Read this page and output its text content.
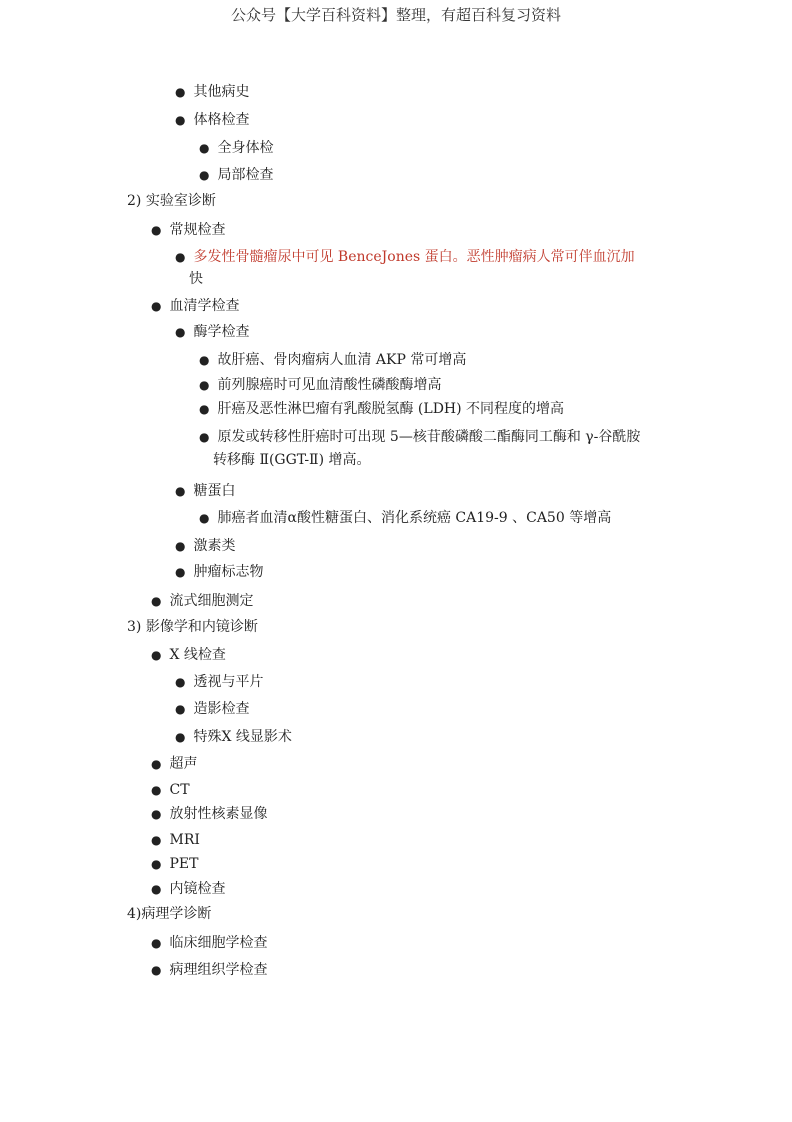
公众号【大学百科资料】整理，有超百科复习资料
● 其他病史
● 体格检查
● 全身体检
● 局部检查
2) 实验室诊断
● 常规检查
● 多发性骨髓瘤尿中可见 BenceJones 蛋白。恶性肿瘤病人常可伴血沉加
快
● 血清学检查
● 酶学检查
● 故肝癌、骨肉瘤病人血清 AKP 常可增高
● 前列腺癌时可见血清酸性磷酸酶增高
● 肝癌及恶性淋巴瘤有乳酸脱氢酶 (LDH) 不同程度的增高
● 原发或转移性肝癌时可出现 5—核苷酸磷酸二酯酶同工酶和 γ-谷酰胺
转移酶 Ⅱ(GGT-Ⅱ) 增高。
● 糖蛋白
● 肺癌者血清α酸性糖蛋白、消化系统癌 CA19-9 、CA50 等增高
● 激素类
● 肿瘤标志物
● 流式细胞测定
3) 影像学和内镜诊断
● X 线检查
● 透视与平片
● 造影检查
● 特殊X 线显影术
● 超声
● CT
● 放射性核素显像
● MRI
● PET
● 内镜检查
4)病理学诊断
● 临床细胞学检查
● 病理组织学检查
